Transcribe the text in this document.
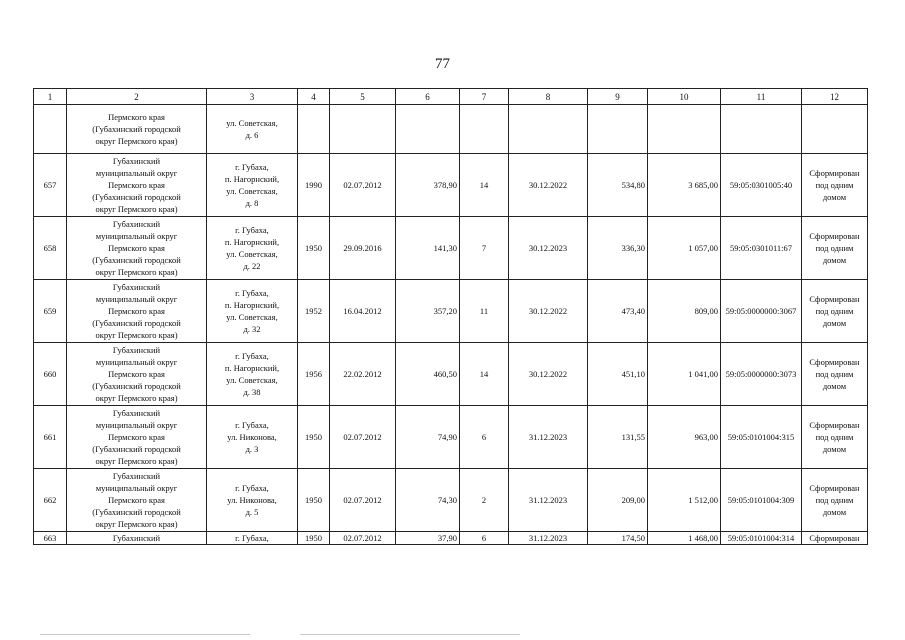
77
1	2	3	4	5	6	7	8	9	10	11	12
	Пермского края
(Губахинский городской
округ Пермского края)	ул. Советская,
д. 6									
657	Губахинский
муниципальный округ
Пермского края
(Губахинский городской
округ Пермского края)	г. Губаха,
п. Нагорнский,
ул. Советская,
д. 8	1990	02.07.2012	378,90	14	30.12.2022	534,80	3 685,00	59:05:0301005:40	Сформирован под одним домом
658	Губахинский
муниципальный округ
Пермского края
(Губахинский городской
округ Пермского края)	г. Губаха,
п. Нагорнский,
ул. Советская,
д. 22	1950	29.09.2016	141,30	7	30.12.2023	336,30	1 057,00	59:05:0301011:67	Сформирован под одним домом
659	Губахинский
муниципальный округ
Пермского края
(Губахинский городской
округ Пермского края)	г. Губаха,
п. Нагорнский,
ул. Советская,
д. 32	1952	16.04.2012	357,20	11	30.12.2022	473,40	809,00	59:05:0000000:3067	Сформирован под одним домом
660	Губахинский
муниципальный округ
Пермского края
(Губахинский городской
округ Пермского края)	г. Губаха,
п. Нагорнский,
ул. Советская,
д. 38	1956	22.02.2012	460,50	14	30.12.2022	451,10	1 041,00	59:05:0000000:3073	Сформирован под одним домом
661	Губахинский
муниципальный округ
Пермского края
(Губахинский городской
округ Пермского края)	г. Губаха,
ул. Никонова,
д. 3	1950	02.07.2012	74,90	6	31.12.2023	131,55	963,00	59:05:0101004:315	Сформирован под одним домом
662	Губахинский
муниципальный округ
Пермского края
(Губахинский городской
округ Пермского края)	г. Губаха,
ул. Никонова,
д. 5	1950	02.07.2012	74,30	2	31.12.2023	209,00	1 512,00	59:05:0101004:309	Сформирован под одним домом
663	Губахинский	г. Губаха,	1950	02.07.2012	37,90	6	31.12.2023	174,50	1 468,00	59:05:0101004:314	Сформирован
